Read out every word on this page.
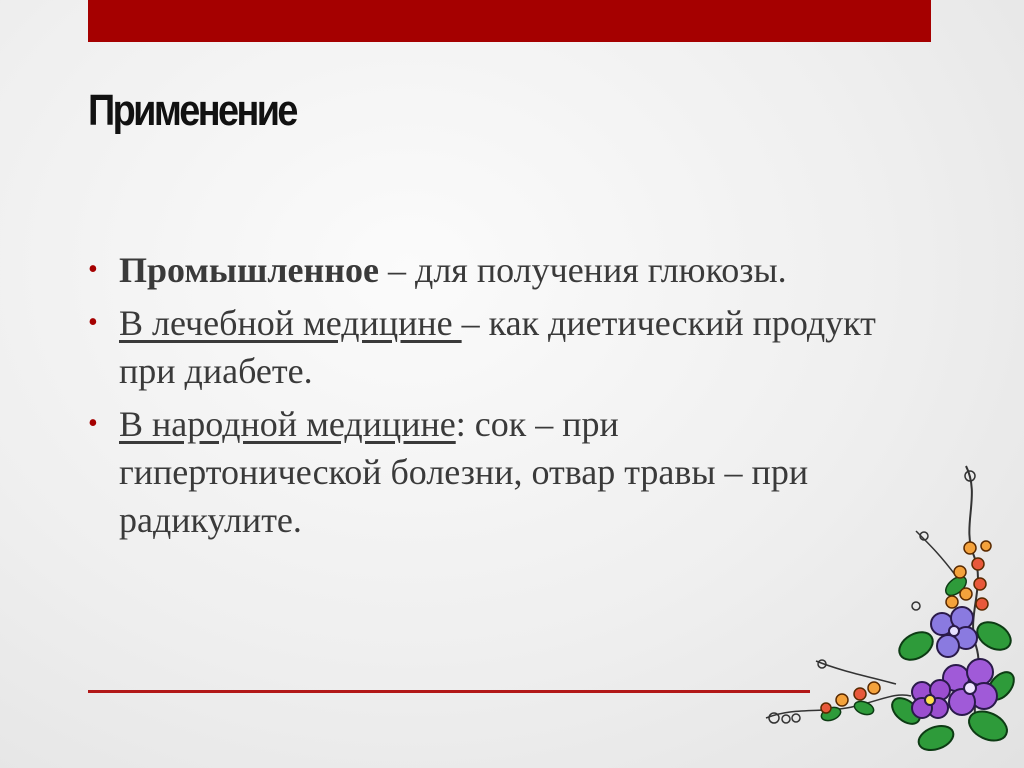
Применение
• Промышленное – для получения глюкозы.
• В лечебной медицине – как диетический продукт при диабете.
• В народной медицине: сок – при гипертонической болезни, отвар травы – при радикулите.
